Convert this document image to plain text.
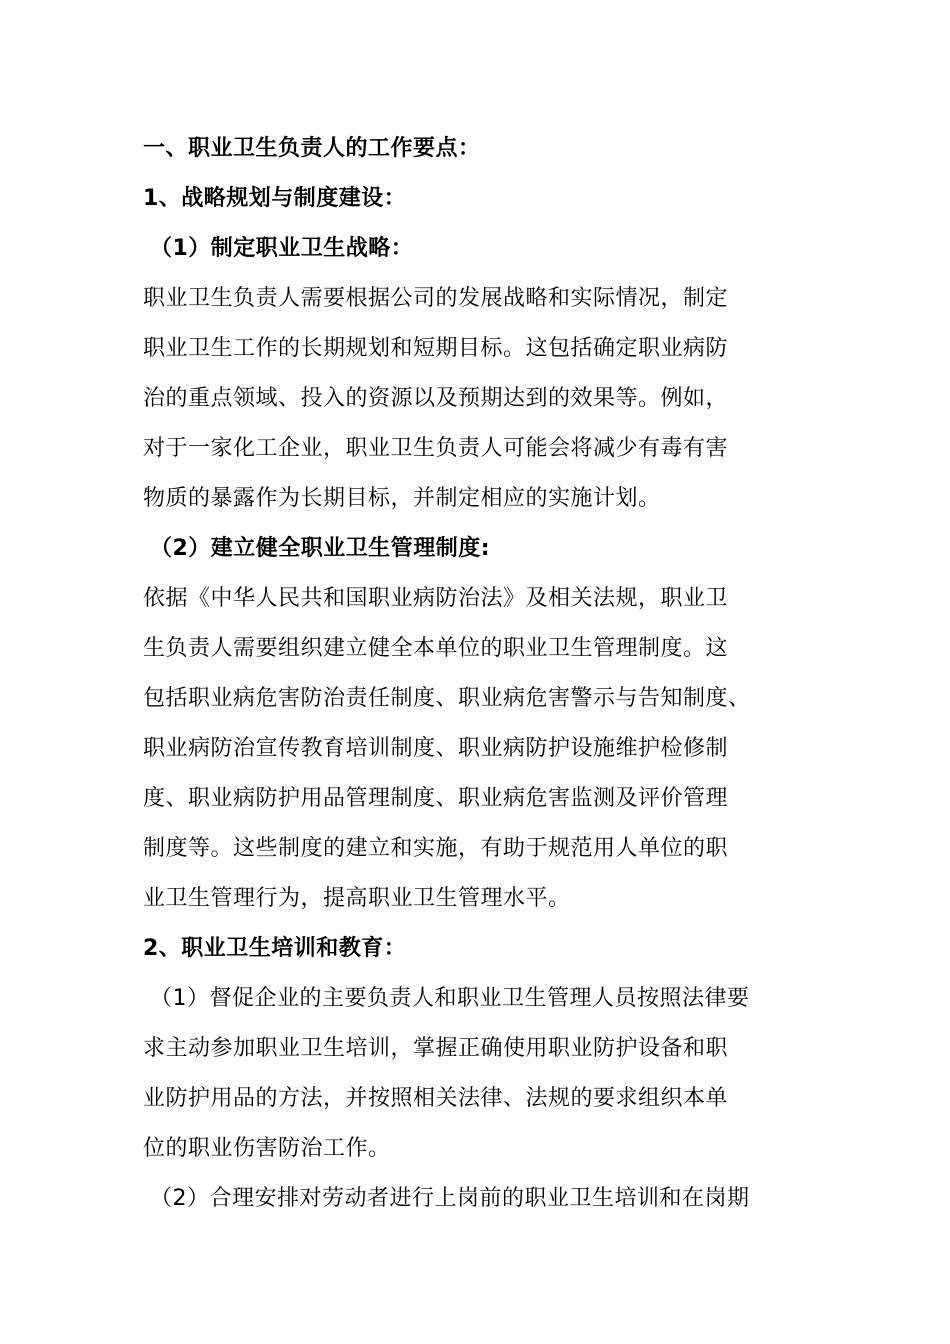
一、职业卫生负责人的工作要点：
1、战略规划与制度建设：
（1）制定职业卫生战略：
职业卫生负责人需要根据公司的发展战略和实际情况，制定
职业卫生工作的长期规划和短期目标。这包括确定职业病防
治的重点领域、投入的资源以及预期达到的效果等。例如，
对于一家化工企业，职业卫生负责人可能会将减少有毒有害
物质的暴露作为长期目标，并制定相应的实施计划。
（2）建立健全职业卫生管理制度:
依据《中华人民共和国职业病防治法》及相关法规，职业卫
生负责人需要组织建立健全本单位的职业卫生管理制度。这
包括职业病危害防治责任制度、职业病危害警示与告知制度、
职业病防治宣传教育培训制度、职业病防护设施维护检修制
度、职业病防护用品管理制度、职业病危害监测及评价管理
制度等。这些制度的建立和实施，有助于规范用人单位的职
业卫生管理行为，提高职业卫生管理水平。
2、职业卫生培训和教育：
（1）督促企业的主要负责人和职业卫生管理人员按照法律要
求主动参加职业卫生培训，掌握正确使用职业防护设备和职
业防护用品的方法，并按照相关法律、法规的要求组织本单
位的职业伤害防治工作。
（2）合理安排对劳动者进行上岗前的职业卫生培训和在岗期
